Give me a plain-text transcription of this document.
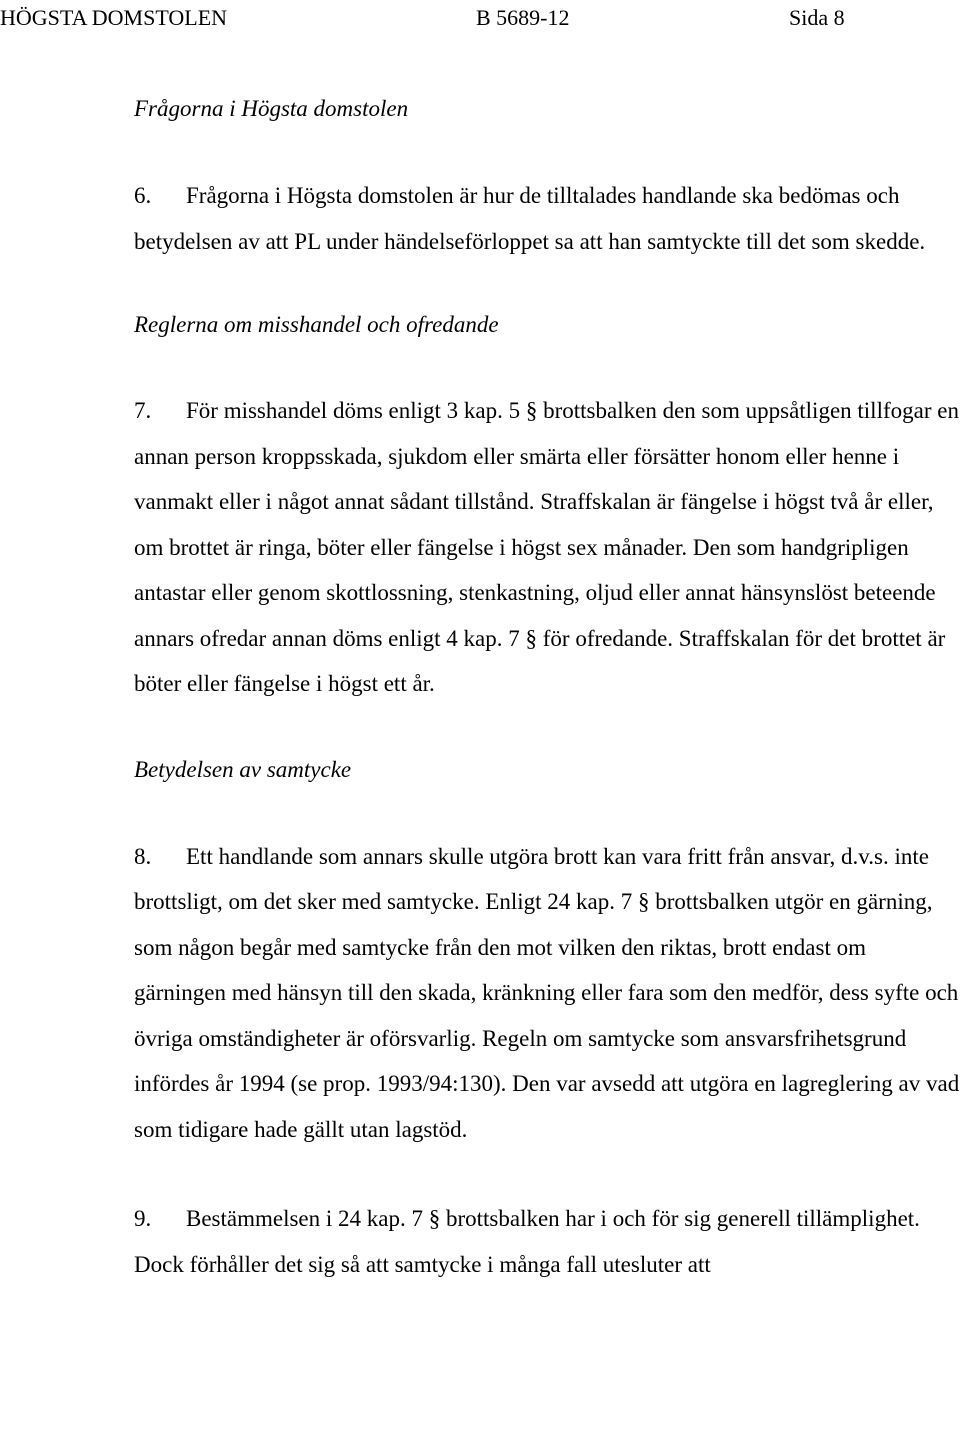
HÖGSTA DOMSTOLEN	B 5689-12	Sida 8

Frågorna i Högsta domstolen

6. Frågorna i Högsta domstolen är hur de tilltalades handlande ska bedömas och betydelsen av att PL under händelseförloppet sa att han samtyckte till det som skedde.

Reglerna om misshandel och ofredande

7. För misshandel döms enligt 3 kap. 5 § brottsbalken den som uppsåtligen tillfogar en annan person kroppsskada, sjukdom eller smärta eller försätter honom eller henne i vanmakt eller i något annat sådant tillstånd. Straffskalan är fängelse i högst två år eller, om brottet är ringa, böter eller fängelse i högst sex månader. Den som handgripligen antastar eller genom skottlossning, stenkastning, oljud eller annat hänsynslöst beteende annars ofredar annan döms enligt 4 kap. 7 § för ofredande. Straffskalan för det brottet är böter eller fängelse i högst ett år.

Betydelsen av samtycke

8. Ett handlande som annars skulle utgöra brott kan vara fritt från ansvar, d.v.s. inte brottsligt, om det sker med samtycke. Enligt 24 kap. 7 § brottsbalken utgör en gärning, som någon begår med samtycke från den mot vilken den riktas, brott endast om gärningen med hänsyn till den skada, kränkning eller fara som den medför, dess syfte och övriga omständigheter är oförsvarlig. Regeln om samtycke som ansvarsfrihetsgrund infördes år 1994 (se prop. 1993/94:130). Den var avsedd att utgöra en lagreglering av vad som tidigare hade gällt utan lagstöd.

9. Bestämmelsen i 24 kap. 7 § brottsbalken har i och för sig generell tillämplighet. Dock förhåller det sig så att samtycke i många fall utesluter att
